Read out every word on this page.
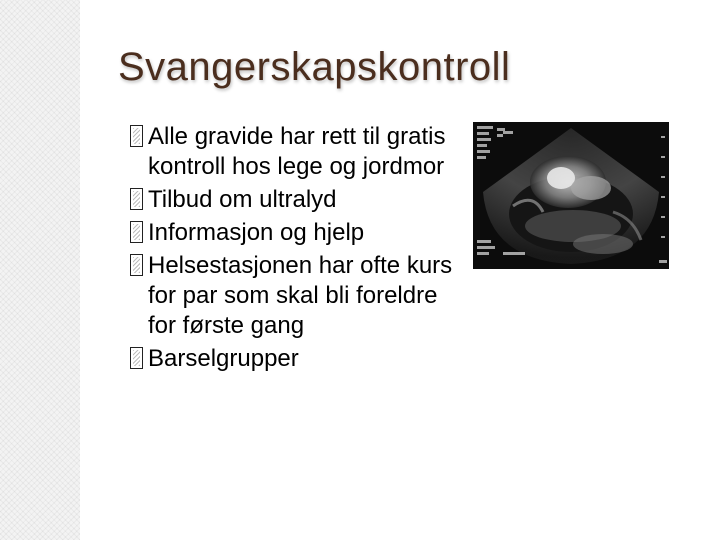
Svangerskapskontroll
Alle gravide har rett til gratis kontroll hos lege og jordmor
Tilbud om ultralyd
Informasjon og hjelp
Helsestasjonen har ofte kurs for par som skal bli foreldre for første gang
Barselgrupper
